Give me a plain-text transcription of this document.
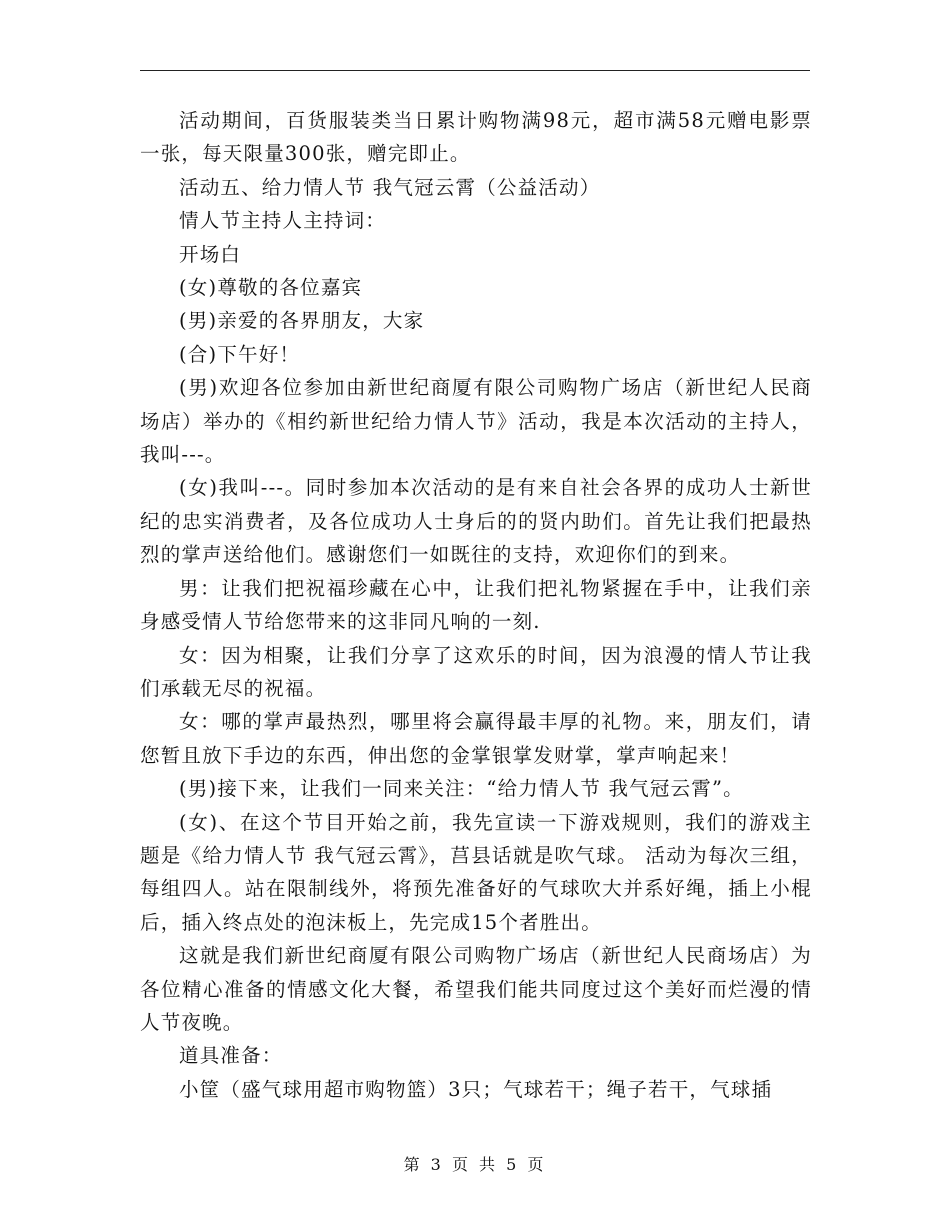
活动期间，百货服装类当日累计购物满98元，超市满58元赠电影票一张，每天限量300张，赠完即止。

活动五、给力情人节 我气冠云霄（公益活动）

情人节主持人主持词：

开场白

(女)尊敬的各位嘉宾

(男)亲爱的各界朋友，大家

(合)下午好！

(男)欢迎各位参加由新世纪商厦有限公司购物广场店（新世纪人民商场店）举办的《相约新世纪给力情人节》活动，我是本次活动的主持人，我叫---。

(女)我叫---。同时参加本次活动的是有来自社会各界的成功人士新世纪的忠实消费者，及各位成功人士身后的的贤内助们。首先让我们把最热烈的掌声送给他们。感谢您们一如既往的支持，欢迎你们的到来。

男：让我们把祝福珍藏在心中，让我们把礼物紧握在手中，让我们亲身感受情人节给您带来的这非同凡响的一刻.

女：因为相聚，让我们分享了这欢乐的时间，因为浪漫的情人节让我们承载无尽的祝福。

女：哪的掌声最热烈，哪里将会赢得最丰厚的礼物。来，朋友们，请您暂且放下手边的东西，伸出您的金掌银掌发财掌，掌声响起来！

(男)接下来，让我们一同来关注：“给力情人节 我气冠云霄”。

(女)、在这个节目开始之前，我先宣读一下游戏规则，我们的游戏主题是《给力情人节 我气冠云霄》，莒县话就是吹气球。 活动为每次三组，每组四人。站在限制线外，将预先准备好的气球吹大并系好绳，插上小棍后，插入终点处的泡沫板上，先完成15个者胜出。

这就是我们新世纪商厦有限公司购物广场店（新世纪人民商场店）为各位精心准备的情感文化大餐，希望我们能共同度过这个美好而烂漫的情人节夜晚。

道具准备：

小筐（盛气球用超市购物篮）3只；气球若干；绳子若干，气球插

第 3 页 共 5 页
